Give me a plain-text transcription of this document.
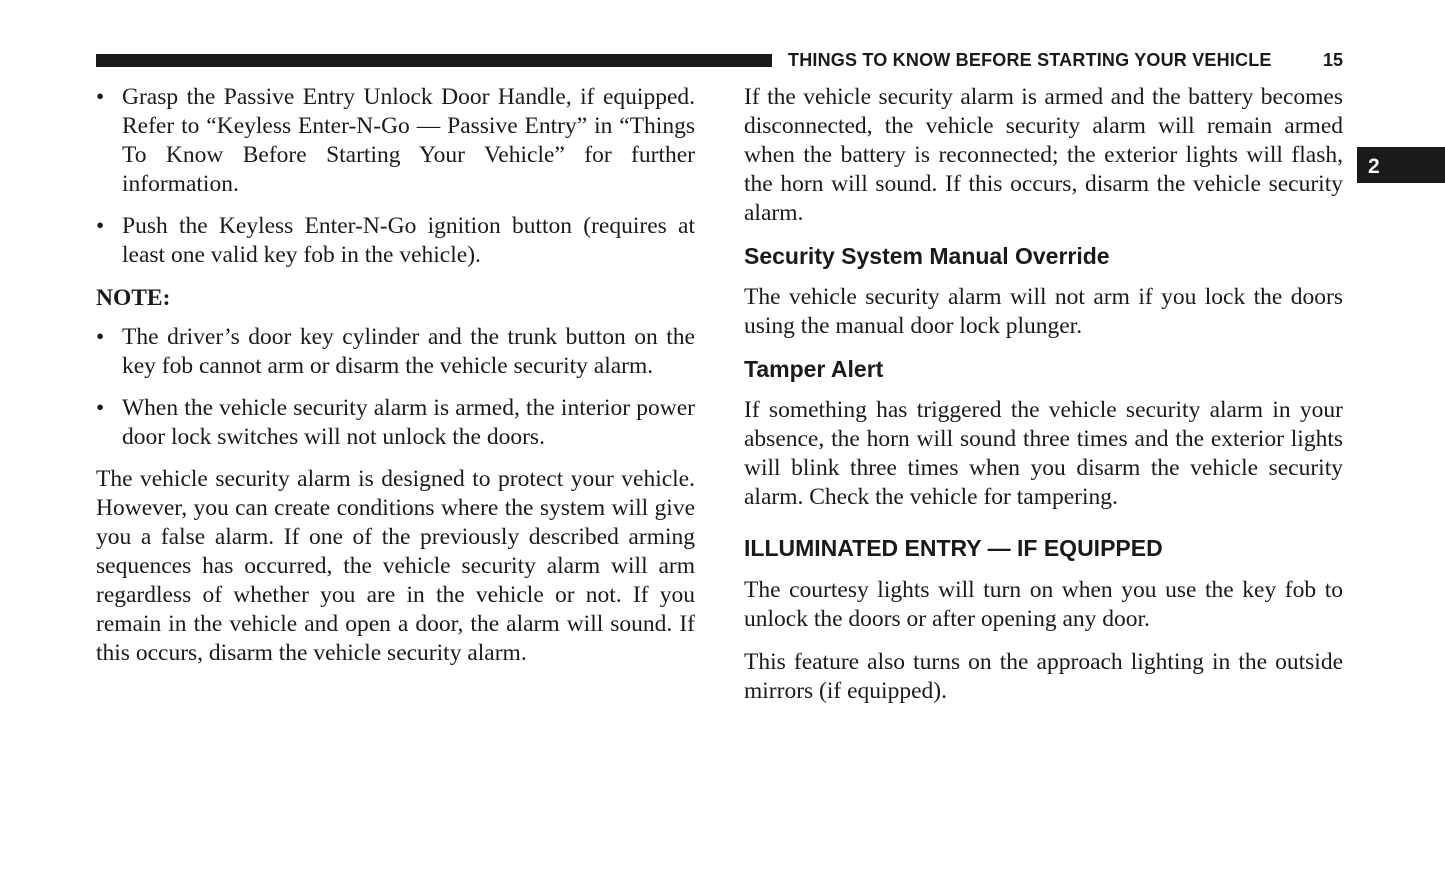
THINGS TO KNOW BEFORE STARTING YOUR VEHICLE	15
2
• Grasp the Passive Entry Unlock Door Handle, if equipped. Refer to “Keyless Enter-N-Go — Passive Entry” in “Things To Know Before Starting Your Vehicle” for further information.
• Push the Keyless Enter-N-Go ignition button (requires at least one valid key fob in the vehicle).

NOTE:

• The driver’s door key cylinder and the trunk button on the key fob cannot arm or disarm the vehicle security alarm.
• When the vehicle security alarm is armed, the interior power door lock switches will not unlock the doors.

The vehicle security alarm is designed to protect your vehicle. However, you can create conditions where the system will give you a false alarm. If one of the previously described arming sequences has occurred, the vehicle security alarm will arm regardless of whether you are in the vehicle or not. If you remain in the vehicle and open a door, the alarm will sound. If this occurs, disarm the vehicle security alarm.

If the vehicle security alarm is armed and the battery becomes disconnected, the vehicle security alarm will remain armed when the battery is reconnected; the exterior lights will flash, the horn will sound. If this occurs, disarm the vehicle security alarm.

Security System Manual Override

The vehicle security alarm will not arm if you lock the doors using the manual door lock plunger.

Tamper Alert

If something has triggered the vehicle security alarm in your absence, the horn will sound three times and the exterior lights will blink three times when you disarm the vehicle security alarm. Check the vehicle for tampering.

ILLUMINATED ENTRY — IF EQUIPPED

The courtesy lights will turn on when you use the key fob to unlock the doors or after opening any door.

This feature also turns on the approach lighting in the outside mirrors (if equipped).
